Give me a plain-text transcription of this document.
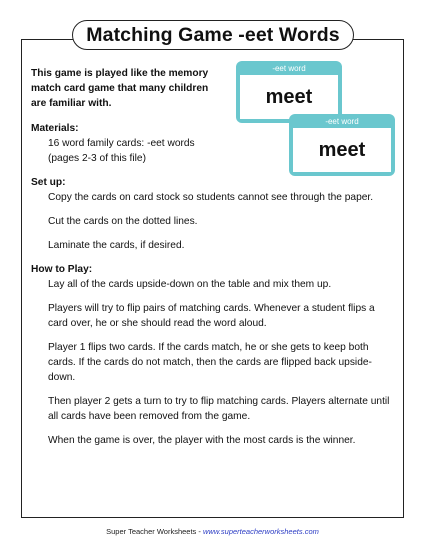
Matching Game -eet Words
-eet word
meet
-eet word
meet

This game is played like the memory match card game that many children are familiar with.

Materials:

16 word family cards: -eet words

(pages 2-3 of this file)

Set up:

Copy the cards on card stock so students cannot see through the paper.

Cut the cards on the dotted lines.

Laminate the cards, if desired.

How to Play:

Lay all of the cards upside-down on the table and mix them up.

Players will try to flip pairs of matching cards. Whenever a student flips a card over, he or she should read the word aloud.

Player 1 flips two cards. If the cards match, he or she gets to keep both cards. If the cards do not match, then the cards are flipped back upside-down.

Then player 2 gets a turn to try to flip matching cards. Players alternate until all cards have been removed from the game.

When the game is over, the player with the most cards is the winner.

Super Teacher Worksheets - www.superteacherworksheets.com
